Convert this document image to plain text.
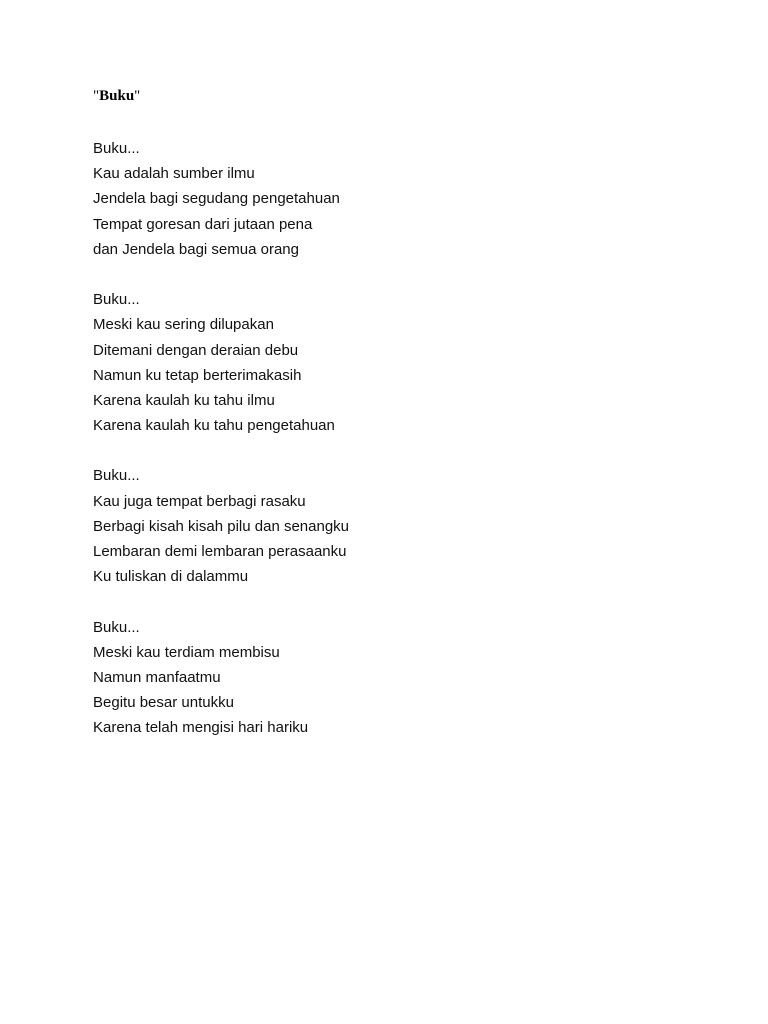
"Buku"
Buku...
Kau adalah sumber ilmu
Jendela bagi segudang pengetahuan
Tempat goresan dari jutaan pena
dan Jendela bagi semua orang
Buku...
Meski kau sering dilupakan
Ditemani dengan deraian debu
Namun ku tetap berterimakasih
Karena kaulah ku tahu ilmu
Karena kaulah ku tahu pengetahuan
Buku...
Kau juga tempat berbagi rasaku
Berbagi kisah kisah pilu dan senangku
Lembaran demi lembaran perasaanku
Ku tuliskan di dalammu
Buku...
Meski kau terdiam membisu
Namun manfaatmu
Begitu besar untukku
Karena telah mengisi hari hariku
